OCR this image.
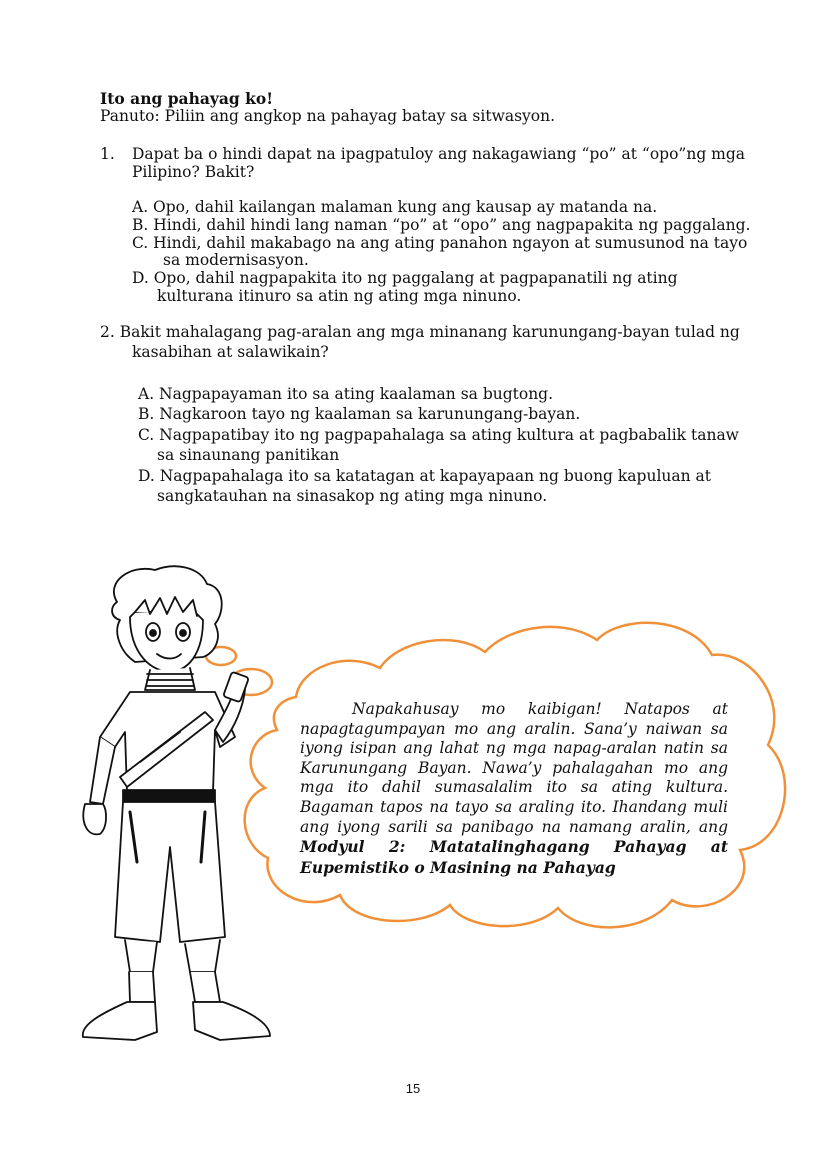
Ito ang pahayag ko!
Panuto: Piliin ang angkop na pahayag batay sa sitwasyon.
1. Dapat ba o hindi dapat na ipagpatuloy ang nakagawiang “po” at “opo”ng mga
Pilipino? Bakit?
A. Opo, dahil kailangan malaman kung ang kausap ay matanda na.
B. Hindi, dahil hindi lang naman “po” at “opo” ang nagpapakita ng paggalang.
C. Hindi, dahil makabago na ang ating panahon ngayon at sumusunod na tayo
sa modernisasyon.
D. Opo, dahil nagpapakita ito ng paggalang at pagpapanatili ng ating
kulturana itinuro sa atin ng ating mga ninuno.
2. Bakit mahalagang pag-aralan ang mga minanang karunungang-bayan tulad ng
kasabihan at salawikain?
A. Nagpapayaman ito sa ating kaalaman sa bugtong.
B. Nagkaroon tayo ng kaalaman sa karunungang-bayan.
C. Nagpapatibay ito ng pagpapahalaga sa ating kultura at pagbabalik tanaw
sa sinaunang panitikan
D. Nagpapahalaga ito sa katatagan at kapayapaan ng buong kapuluan at
sangkatauhan na sinasakop ng ating mga ninuno.
Napakahusay mo kaibigan! Natapos at napagtagumpayan mo ang aralin. Sana’y naiwan sa iyong isipan ang lahat ng mga napag-aralan natin sa Karunungang Bayan. Nawa’y pahalagahan mo ang mga ito dahil sumasalalim ito sa ating kultura. Bagaman tapos na tayo sa araling ito. Ihandang muli ang iyong sarili sa panibago na namang aralin, ang Modyul 2: Matatalinghagang Pahayag at Eupemistiko o Masining na Pahayag
15
